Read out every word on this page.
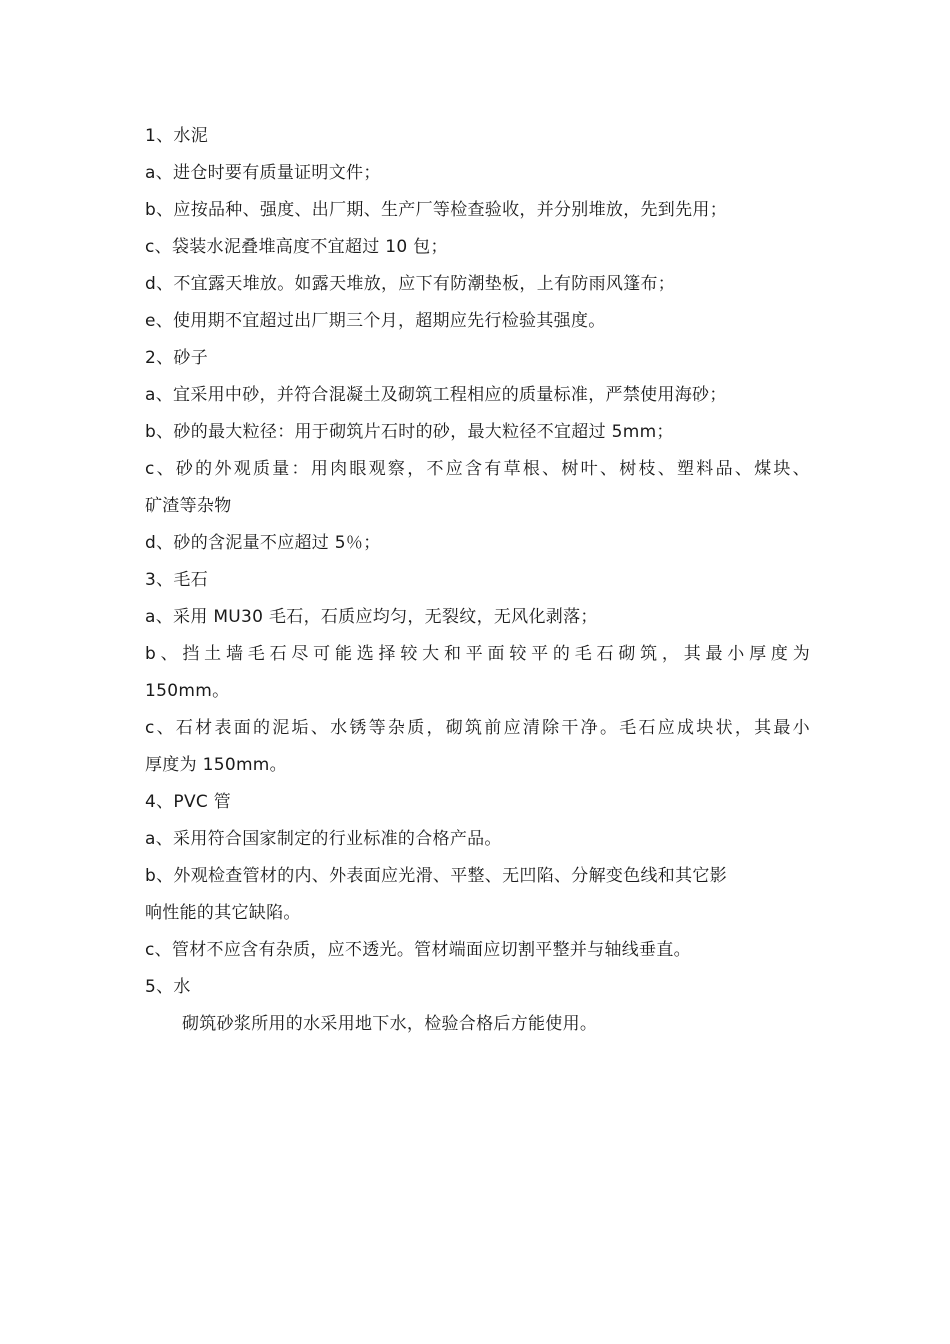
1、水泥
a、进仓时要有质量证明文件；
b、应按品种、强度、出厂期、生产厂等检查验收，并分别堆放，先到先用；
c、袋装水泥叠堆高度不宜超过 10 包；
d、不宜露天堆放。如露天堆放，应下有防潮垫板，上有防雨风篷布；
e、使用期不宜超过出厂期三个月，超期应先行检验其强度。
2、砂子
a、宜采用中砂，并符合混凝土及砌筑工程相应的质量标准，严禁使用海砂；
b、砂的最大粒径：用于砌筑片石时的砂，最大粒径不宜超过 5mm；
c、砂的外观质量：用肉眼观察，不应含有草根、树叶、树枝、塑料品、煤块、
矿渣等杂物
d、砂的含泥量不应超过 5％；
3、毛石
a、采用 MU30 毛石，石质应均匀，无裂纹，无风化剥落；
b、挡土墙毛石尽可能选择较大和平面较平的毛石砌筑，其最小厚度为
150mm。
c、石材表面的泥垢、水锈等杂质，砌筑前应清除干净。毛石应成块状，其最小
厚度为 150mm。
4、PVC 管
a、采用符合国家制定的行业标准的合格产品。
b、外观检查管材的内、外表面应光滑、平整、无凹陷、分解变色线和其它影
响性能的其它缺陷。
c、管材不应含有杂质，应不透光。管材端面应切割平整并与轴线垂直。
5、水
砌筑砂浆所用的水采用地下水，检验合格后方能使用。
